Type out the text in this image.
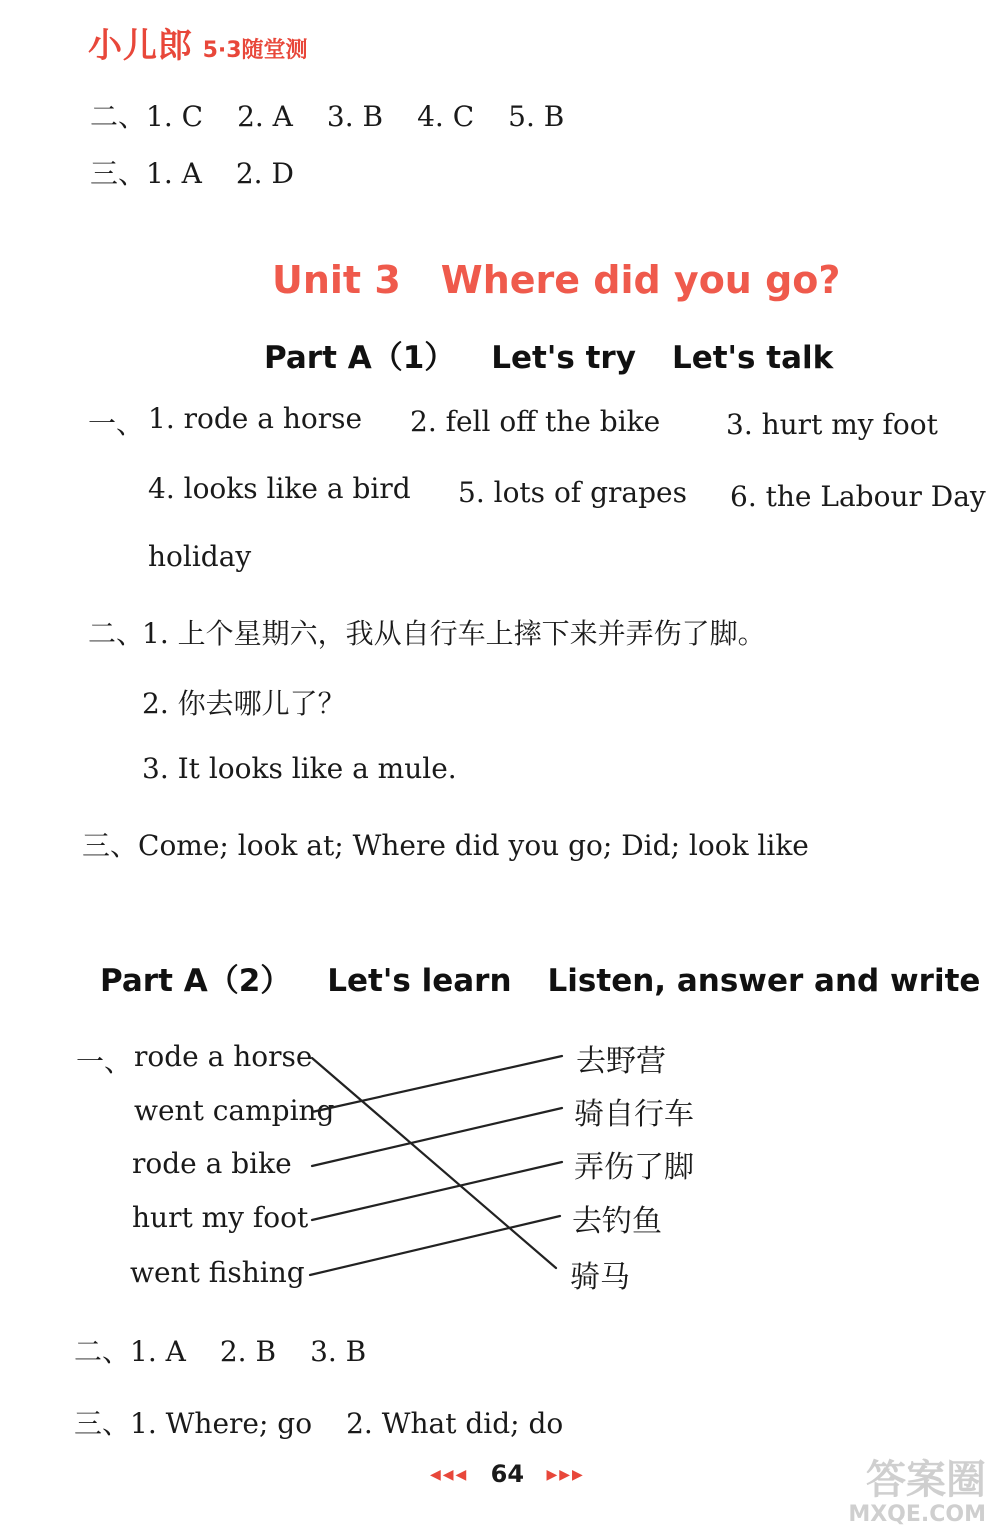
小儿郎 5·3随堂测
二、1. C 2. A 3. B 4. C 5. B
三、1. A 2. D
Unit 3 Where did you go?
Part A（1） Let's try Let's talk
一、 1. rode a horse 2. fell off the bike 3. hurt my foot
4. looks like a bird 5. lots of grapes 6. the Labour Day
holiday
二、
1. 上个星期六，我从自行车上摔下来并弄伤了脚。
2. 你去哪儿了？
3. It looks like a mule.
三、Come; look at; Where did you go; Did; look like
Part A（2） Let's learn Listen, answer and write
一、 rode a horse
went camping
rode a bike
hurt my foot
went fishing
去野营
骑自行车
弄伤了脚
去钓鱼
骑马
二、1. A 2. B 3. B
三、1. Where; go 2. What did; do
◀◀◀ 64 ▶▶▶	答案圈
MXQE.COM
